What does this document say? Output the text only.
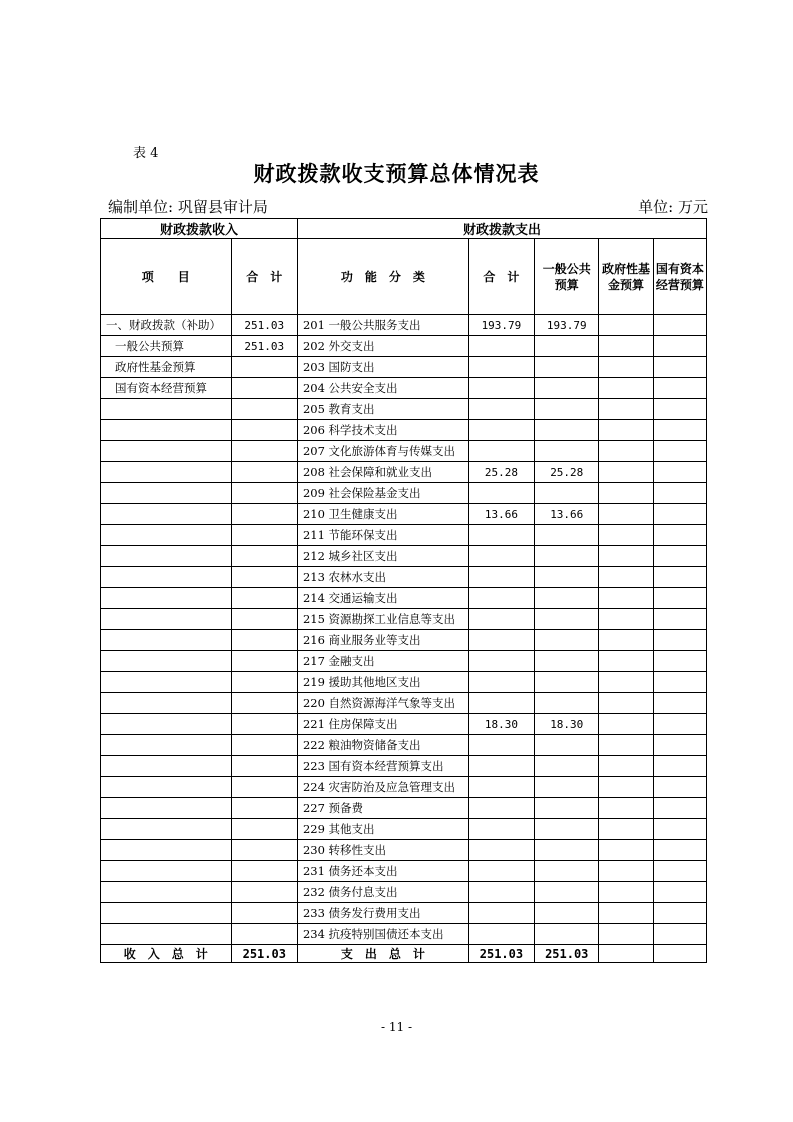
表 4
财政拨款收支预算总体情况表
编制单位: 巩留县审计局	单位: 万元
财政拨款收入		财政拨款支出				
项　　目	合　计	功　能　分　类	合　计	一般公共预算	政府性基金预算	国有资本经营预算
一、财政拨款（补助）	251.03	201 一般公共服务支出	193.79	193.79		
一般公共预算	251.03	202 外交支出				
政府性基金预算		203 国防支出				
国有资本经营预算		204 公共安全支出				
		205 教育支出				
		206 科学技术支出				
		207 文化旅游体育与传媒支出				
		208 社会保障和就业支出	25.28	25.28		
		209 社会保险基金支出				
		210 卫生健康支出	13.66	13.66		
		211 节能环保支出				
		212 城乡社区支出				
		213 农林水支出				
		214 交通运输支出				
		215 资源勘探工业信息等支出				
		216 商业服务业等支出				
		217 金融支出				
		219 援助其他地区支出				
		220 自然资源海洋气象等支出				
		221 住房保障支出	18.30	18.30		
		222 粮油物资储备支出				
		223 国有资本经营预算支出				
		224 灾害防治及应急管理支出				
		227 预备费				
		229 其他支出				
		230 转移性支出				
		231 债务还本支出				
		232 债务付息支出				
		233 债务发行费用支出				
		234 抗疫特别国债还本支出				
收　入　总　计	251.03	支　出　总　计	251.03	251.03		
- 11 -
